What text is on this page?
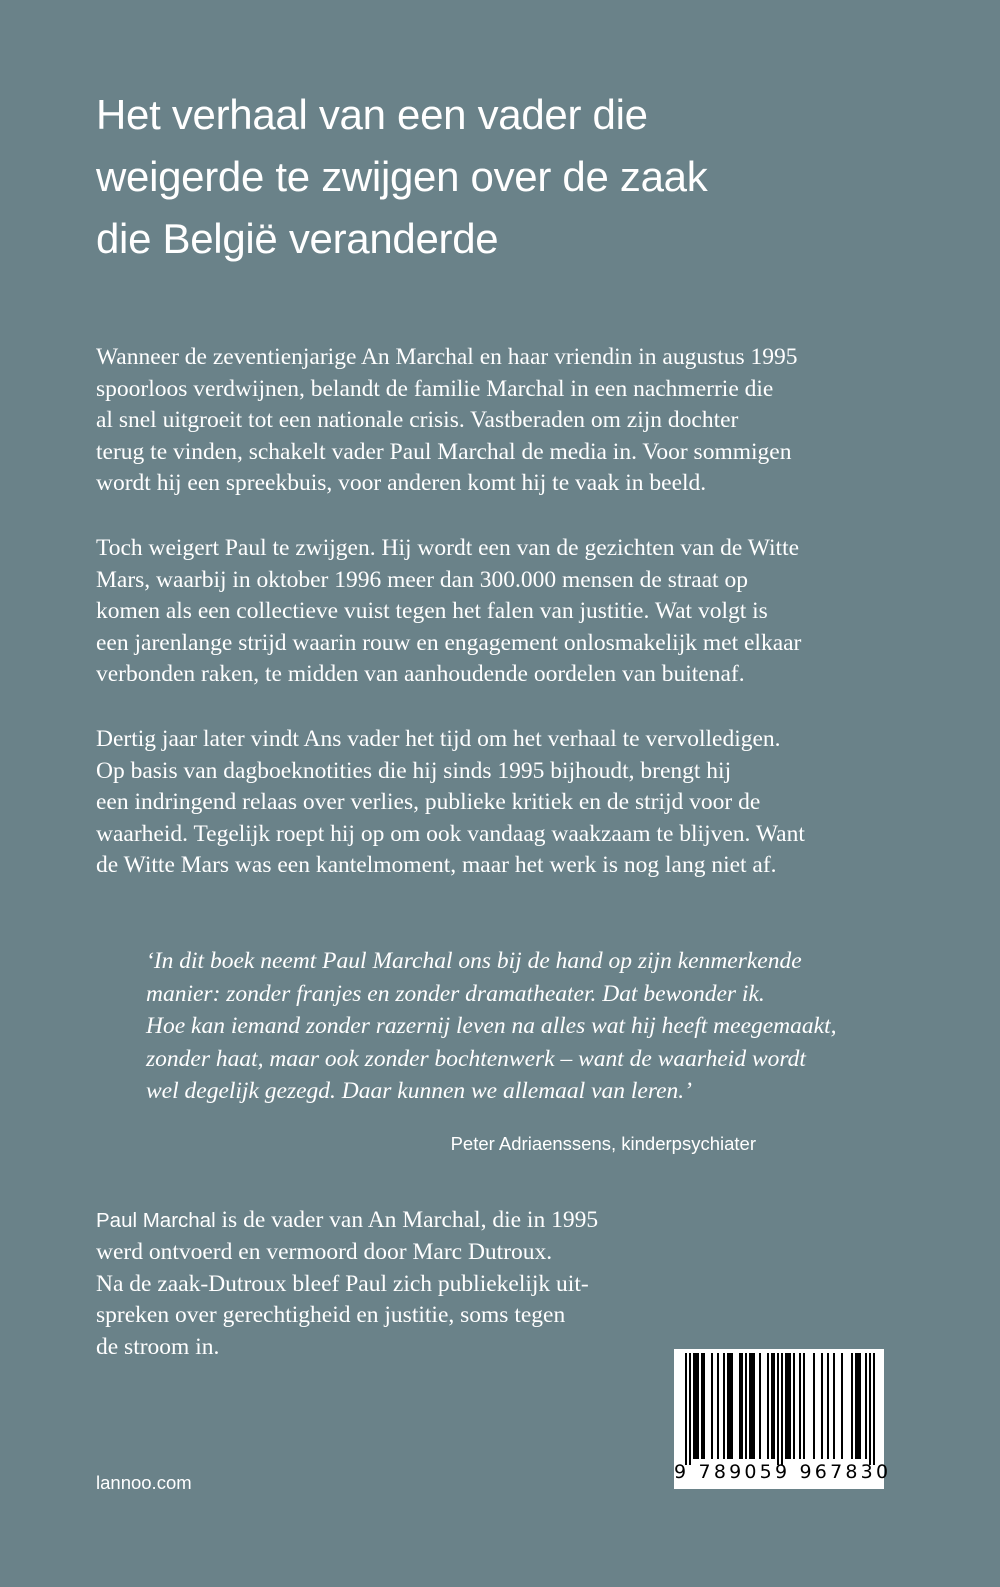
Het verhaal van een vader die
weigerde te zwijgen over de zaak
die België veranderde

Wanneer de zeventienjarige An Marchal en haar vriendin in augustus 1995
spoorloos verdwijnen, belandt de familie Marchal in een nachmerrie die
al snel uitgroeit tot een nationale crisis. Vastberaden om zijn dochter
terug te vinden, schakelt vader Paul Marchal de media in. Voor sommigen
wordt hij een spreekbuis, voor anderen komt hij te vaak in beeld.

Toch weigert Paul te zwijgen. Hij wordt een van de gezichten van de Witte
Mars, waarbij in oktober 1996 meer dan 300.000 mensen de straat op
komen als een collectieve vuist tegen het falen van justitie. Wat volgt is
een jarenlange strijd waarin rouw en engagement onlosmakelijk met elkaar
verbonden raken, te midden van aanhoudende oordelen van buitenaf.

Dertig jaar later vindt Ans vader het tijd om het verhaal te vervolledigen.
Op basis van dagboeknotities die hij sinds 1995 bijhoudt, brengt hij
een indringend relaas over verlies, publieke kritiek en de strijd voor de
waarheid. Tegelijk roept hij op om ook vandaag waakzaam te blijven. Want
de Witte Mars was een kantelmoment, maar het werk is nog lang niet af.

‘In dit boek neemt Paul Marchal ons bij de hand op zijn kenmerkende
manier: zonder franjes en zonder dramatheater. Dat bewonder ik.
Hoe kan iemand zonder razernij leven na alles wat hij heeft meegemaakt,
zonder haat, maar ook zonder bochtenwerk – want de waarheid wordt
wel degelijk gezegd. Daar kunnen we allemaal van leren.’
Peter Adriaenssens, kinderpsychiater

Paul Marchal is de vader van An Marchal, die in 1995
werd ontvoerd en vermoord door Marc Dutroux.
Na de zaak-Dutroux bleef Paul zich publiekelijk uit-
spreken over gerechtigheid en justitie, soms tegen
de stroom in.

lannoo.com	9 789059 967830
